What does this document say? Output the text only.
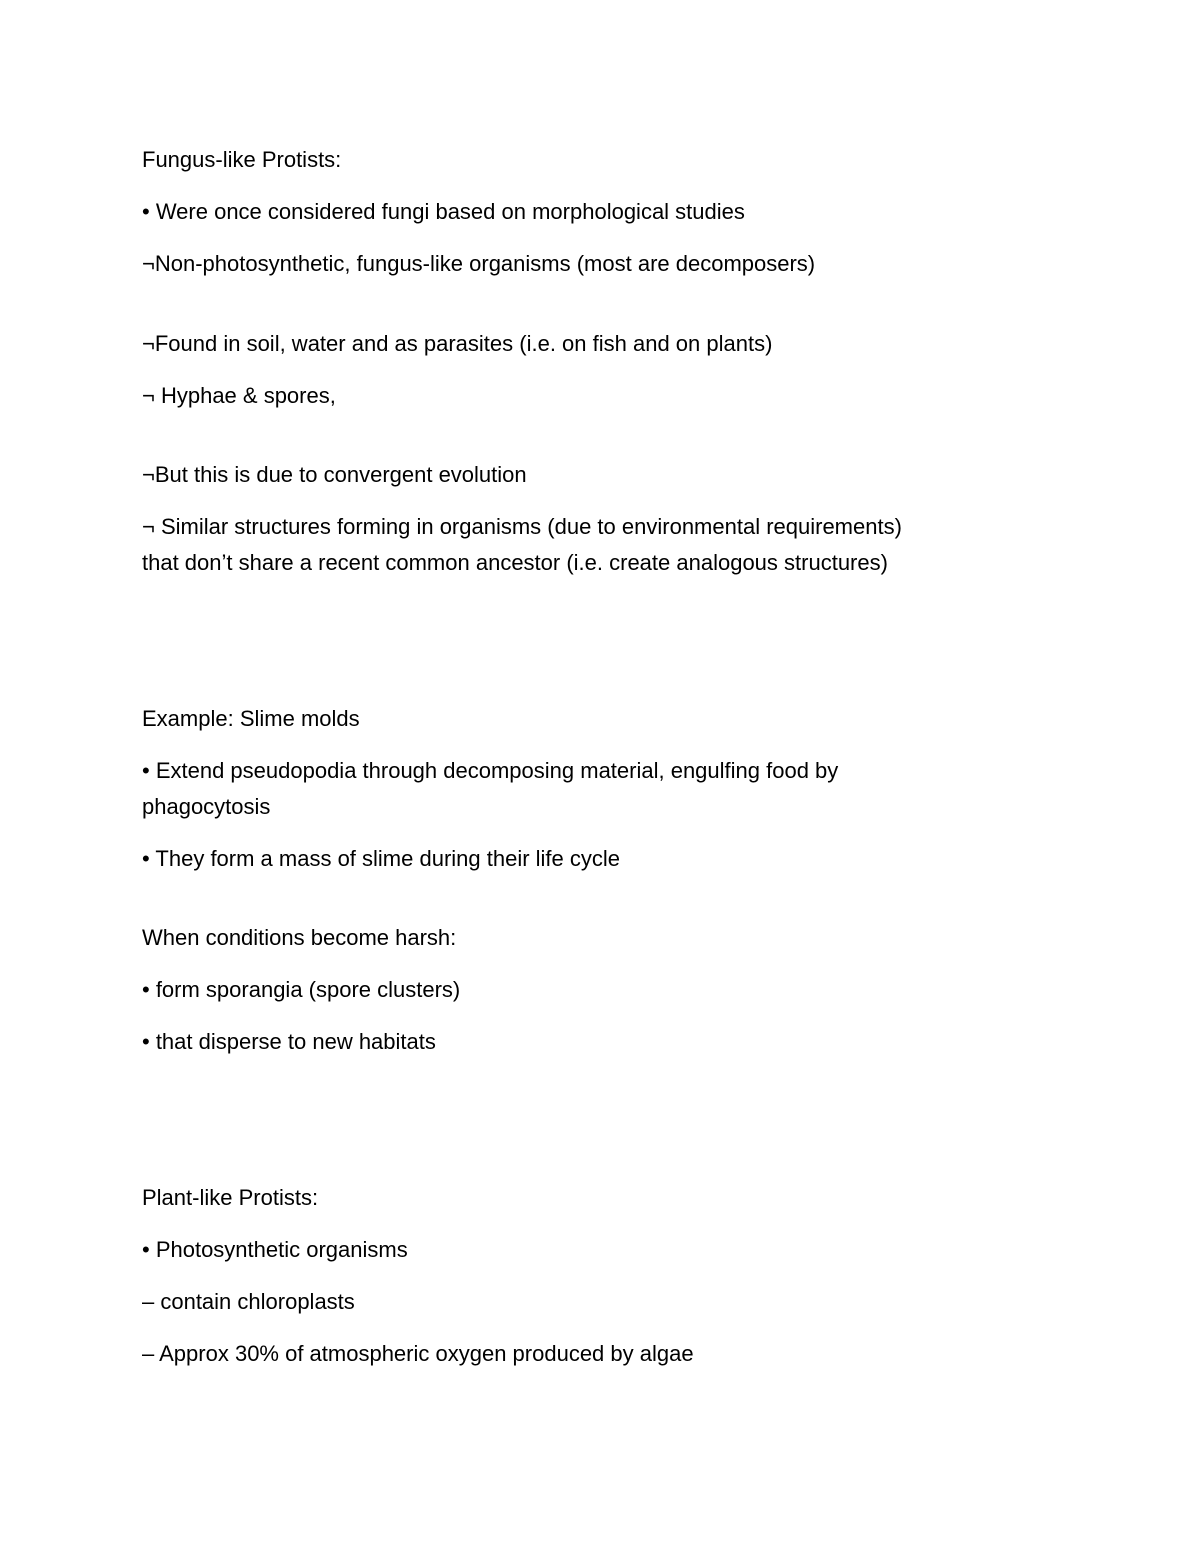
Fungus-like Protists:
• Were once considered fungi based on morphological studies
¬Non-photosynthetic, fungus-like organisms (most are decomposers)
¬Found in soil, water and as parasites (i.e. on fish and on plants)
¬ Hyphae & spores,
¬But this is due to convergent evolution
¬ Similar structures forming in organisms (due to environmental requirements)
that don’t share a recent common ancestor (i.e. create analogous structures)
Example: Slime molds
• Extend pseudopodia through decomposing material, engulfing food by
phagocytosis
• They form a mass of slime during their life cycle
When conditions become harsh:
• form sporangia (spore clusters)
• that disperse to new habitats
Plant-like Protists:
• Photosynthetic organisms
– contain chloroplasts
– Approx 30% of atmospheric oxygen produced by algae
